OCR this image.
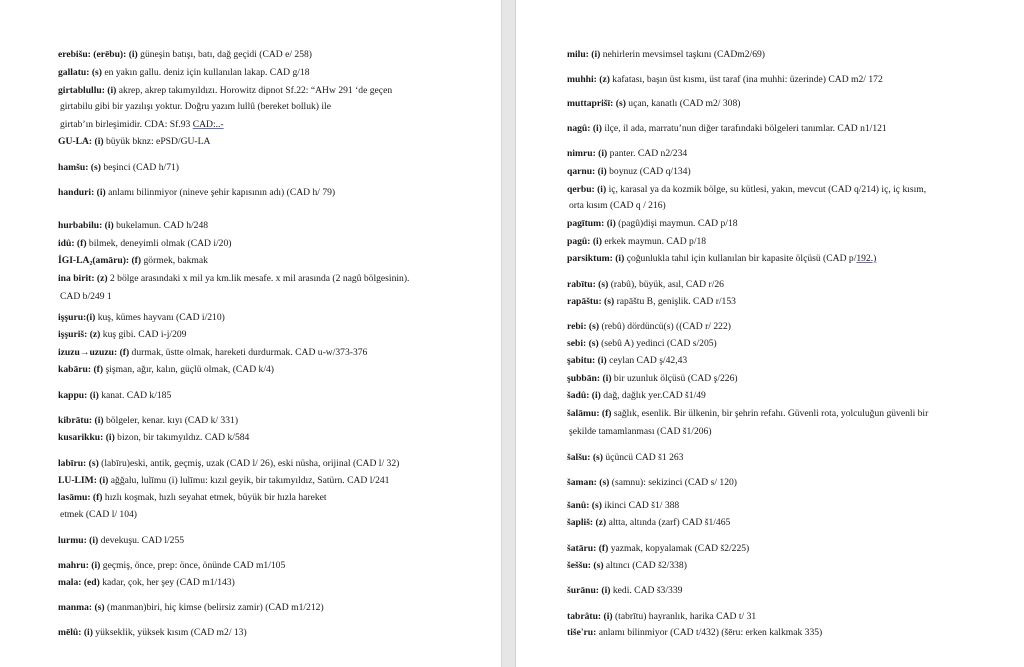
erebišu: (erēbu): (i) güneşin batışı, batı, dağ geçidi (CAD e/ 258)
gallatu: (s) en yakın gallu. deniz için kullanılan lakap. CAD g/18
girtablullu: (i) akrep, akrep takımyıldızı. Horowitz dipnot Sf.22: “AHw 291 ‘de geçen
girtabilu gibi bir yazılışı yoktur. Doğru yazım lullû (bereket bolluk) ile
girtab’ın birleşimidir. CDA: Sf.93 CAD:..-
GU-LA: (i) büyük bknz: ePSD/GU-LA
hamšu: (s) beşinci (CAD h/71)
handuri: (i) anlamı bilinmiyor (nineve şehir kapısının adı) (CAD h/ 79)
hurbabilu: (i) bukelamun. CAD h/248
idû: (f) bilmek, deneyimli olmak (CAD i/20)
ÍGI-LA₂(amāru): (f) görmek, bakmak
ina birit: (z) 2 bölge arasındaki x mil ya km.lik mesafe. x mil arasında (2 nagû bölgesinin).
CAD b/249 1
işşuru:(i) kuş, kümes hayvanı (CAD i/210)
işşuriš: (z) kuş gibi. CAD i-j/209
izuzu→uzuzu: (f) durmak, üstte olmak, hareketi durdurmak. CAD u-w/373-376
kabāru: (f) şişman, ağır, kalın, güçlü olmak, (CAD k/4)
kappu: (i) kanat. CAD k/185
kibrātu: (i) bölgeler, kenar. kıyı (CAD k/ 331)
kusarikku: (i) bizon, bir takımyıldız. CAD k/584
labīru: (s) (labīru)eski, antik, geçmiş, uzak (CAD l/ 26), eski nüsha, orijinal (CAD l/ 32)
LU-LIM: (i) ağğalu, lulīmu (i) lulīmu: kızıl geyik, bir takımyıldız, Satürn. CAD l/241
lasāmu: (f) hızlı koşmak, hızlı seyahat etmek, büyük bir hızla hareket
etmek (CAD l/ 104)
lurmu: (i) devekuşu. CAD l/255
mahru: (i) geçmiş, önce, prep: önce, önünde CAD m1/105
mala: (ed) kadar, çok, her şey (CAD m1/143)
manma: (s) (manman)biri, hiç kimse (belirsiz zamir) (CAD m1/212)
mēlû: (i) yükseklik, yüksek kısım (CAD m2/ 13)
milu: (i) nehirlerin mevsimsel taşkını (CADm2/69)
muhhi: (z) kafatası, başın üst kısmı, üst taraf (ina muhhi: üzerinde) CAD m2/ 172
muttaprišī: (s) uçan, kanatlı (CAD m2/ 308)
nagû: (i) ilçe, il ada, marratu’nun diğer tarafındaki bölgeleri tanımlar. CAD n1/121
nimru: (i) panter. CAD n2/234
qarnu: (i) boynuz (CAD q/134)
qerbu: (i) iç, karasal ya da kozmik bölge, su kütlesi, yakın, mevcut (CAD q/214) iç, iç kısım,
orta kısım (CAD q / 216)
pagītum: (i) (pagû)dişi maymun. CAD p/18
pagû: (i) erkek maymun. CAD p/18
parsiktum: (i) çoğunlukla tahıl için kullanılan bir kapasite ölçüsü (CAD p/192.)
rabītu: (s) (rabû), büyük, asıl, CAD r/26
rapāštu: (s) rapāštu B, genişlik. CAD r/153
rebi: (s) (rebû) dördüncü(s) ((CAD r/ 222)
sebi: (s) (sebû A) yedinci (CAD s/205)
şabitu: (i) ceylan CAD ş/42,43
şubbān: (i) bir uzunluk ölçüsü (CAD ş/226)
šadû: (i) dağ, dağlık yer.CAD š1/49
šalāmu: (f) sağlık, esenlik. Bir ülkenin, bir şehrin refahı. Güvenli rota, yolculuğun güvenli bir
şekilde tamamlanması (CAD š1/206)
šalšu: (s) üçüncü CAD š1 263
šaman: (s) (samnu): sekizinci (CAD s/ 120)
šanû: (s) ikinci CAD š1/ 388
šapliš: (z) altta, altında (zarf) CAD š1/465
šatāru: (f) yazmak, kopyalamak (CAD š2/225)
šeššu: (s) altıncı (CAD š2/338)
šurānu: (i) kedi. CAD š3/339
tabrâtu: (i) (tabrītu) hayranlık, harika CAD t/ 31
tiše'ru: anlamı bilinmiyor (CAD t/432) (šēru: erken kalkmak 335)
